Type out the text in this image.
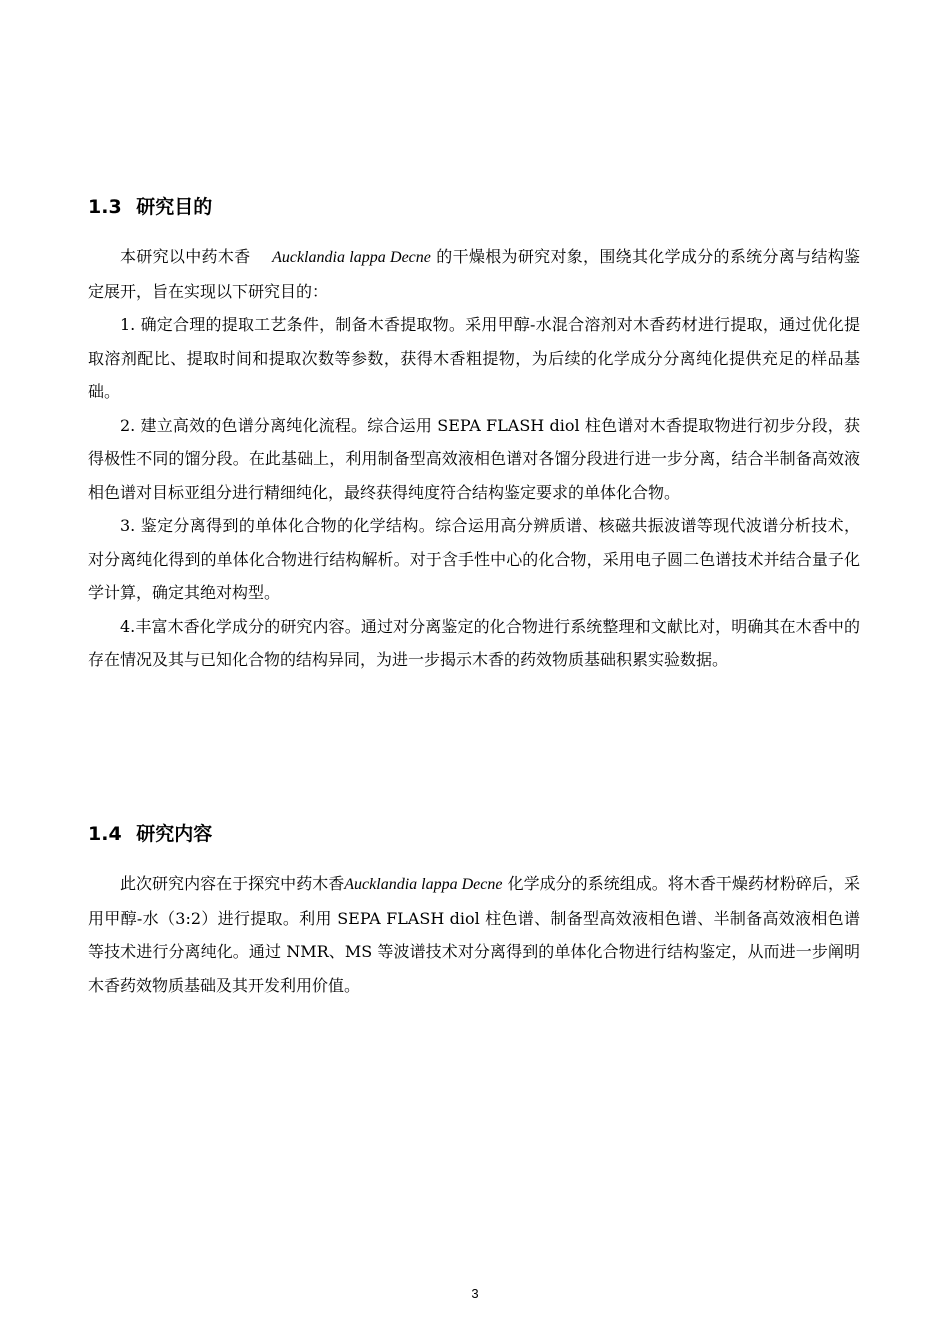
1.3 研究目的

本研究以中药木香 Aucklandia lappa Decne 的干燥根为研究对象，围绕其化学成分的系统分离与结构鉴定展开，旨在实现以下研究目的：

1. 确定合理的提取工艺条件，制备木香提取物。采用甲醇-水混合溶剂对木香药材进行提取，通过优化提取溶剂配比、提取时间和提取次数等参数，获得木香粗提物，为后续的化学成分分离纯化提供充足的样品基础。

2. 建立高效的色谱分离纯化流程。综合运用 SEPA FLASH diol 柱色谱对木香提取物进行初步分段，获得极性不同的馏分段。在此基础上，利用制备型高效液相色谱对各馏分段进行进一步分离，结合半制备高效液相色谱对目标亚组分进行精细纯化，最终获得纯度符合结构鉴定要求的单体化合物。

3. 鉴定分离得到的单体化合物的化学结构。综合运用高分辨质谱、核磁共振波谱等现代波谱分析技术，对分离纯化得到的单体化合物进行结构解析。对于含手性中心的化合物，采用电子圆二色谱技术并结合量子化学计算，确定其绝对构型。

4.丰富木香化学成分的研究内容。通过对分离鉴定的化合物进行系统整理和文献比对，明确其在木香中的存在情况及其与已知化合物的结构异同，为进一步揭示木香的药效物质基础积累实验数据。

1.4 研究内容

此次研究内容在于探究中药木香Aucklandia lappa Decne 化学成分的系统组成。将木香干燥药材粉碎后，采用甲醇-水（3:2）进行提取。利用 SEPA FLASH diol 柱色谱、制备型高效液相色谱、半制备高效液相色谱等技术进行分离纯化。通过 NMR、MS 等波谱技术对分离得到的单体化合物进行结构鉴定，从而进一步阐明木香药效物质基础及其开发利用价值。

3
